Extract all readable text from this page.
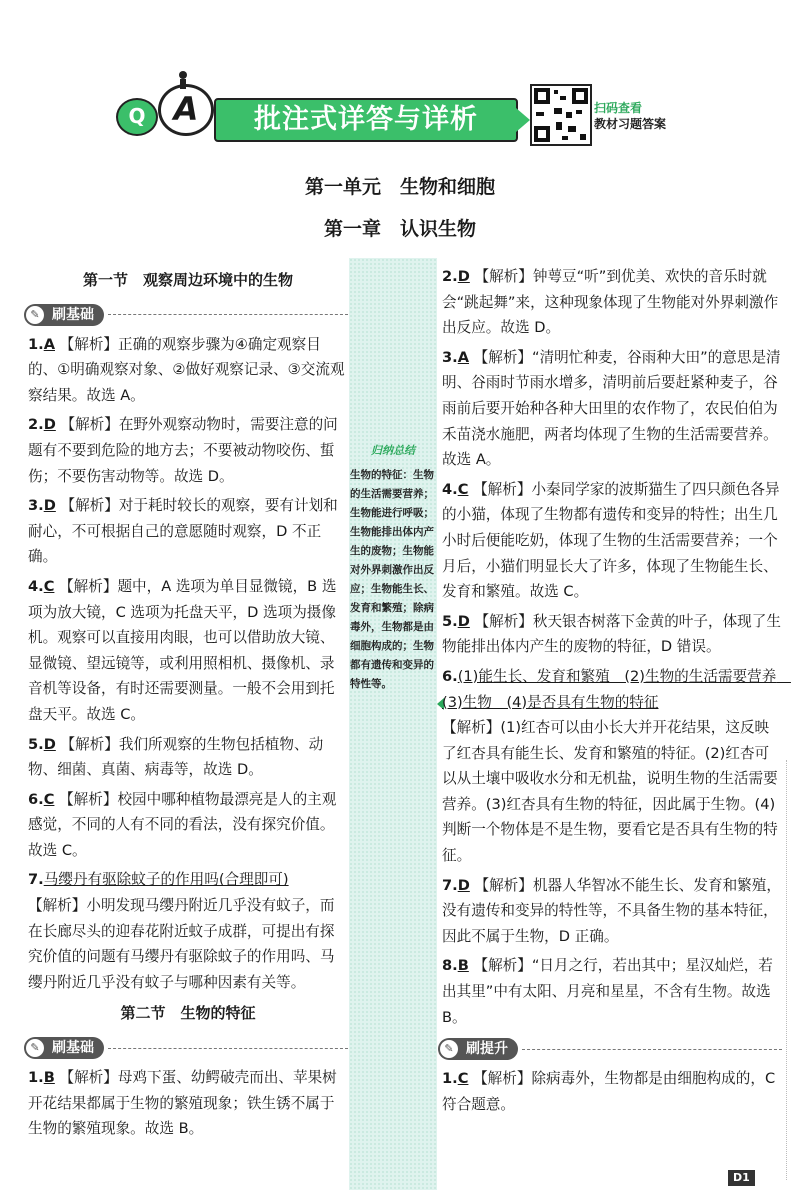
Q A	批注式详答与详析	扫码查看
教材习题答案
第一单元　生物和细胞
第一章　认识生物
归纳总结
生物的特征：生物的生活需要营养；生物能进行呼吸；生物能排出体内产生的废物；生物能对外界刺激作出反应；生物能生长、发育和繁殖；除病毒外，生物都是由细胞构成的；生物都有遗传和变异的特性等。
第一节　观察周边环境中的生物
✎ 刷基础
1.A 【解析】正确的观察步骤为④确定观察目的、①明确观察对象、②做好观察记录、③交流观察结果。故选 A。
2.D 【解析】在野外观察动物时，需要注意的问题有不要到危险的地方去；不要被动物咬伤、蜇伤；不要伤害动物等。故选 D。
3.D 【解析】对于耗时较长的观察，要有计划和耐心，不可根据自己的意愿随时观察，D 不正确。
4.C 【解析】题中，A 选项为单目显微镜，B 选项为放大镜，C 选项为托盘天平，D 选项为摄像机。观察可以直接用肉眼，也可以借助放大镜、显微镜、望远镜等，或利用照相机、摄像机、录音机等设备，有时还需要测量。一般不会用到托盘天平。故选 C。
5.D 【解析】我们所观察的生物包括植物、动物、细菌、真菌、病毒等，故选 D。
6.C 【解析】校园中哪种植物最漂亮是人的主观感觉，不同的人有不同的看法，没有探究价值。故选 C。
7.马缨丹有驱除蚊子的作用吗(合理即可)
【解析】小明发现马缨丹附近几乎没有蚊子，而在长廊尽头的迎春花附近蚊子成群，可提出有探究价值的问题有马缨丹有驱除蚊子的作用吗、马缨丹附近几乎没有蚊子与哪种因素有关等。
第二节　生物的特征
✎ 刷基础
1.B 【解析】母鸡下蛋、幼鳄破壳而出、苹果树开花结果都属于生物的繁殖现象；铁生锈不属于生物的繁殖现象。故选 B。
2.D 【解析】钟萼豆“听”到优美、欢快的音乐时就会“跳起舞”来，这种现象体现了生物能对外界刺激作出反应。故选 D。
3.A 【解析】“清明忙种麦，谷雨种大田”的意思是清明、谷雨时节雨水增多，清明前后要赶紧种麦子，谷雨前后要开始种各种大田里的农作物了，农民伯伯为禾苗浇水施肥，两者均体现了生物的生活需要营养。故选 A。
4.C 【解析】小秦同学家的波斯猫生了四只颜色各异的小猫，体现了生物都有遗传和变异的特性；出生几小时后便能吃奶，体现了生物的生活需要营养；一个月后，小猫们明显长大了许多，体现了生物能生长、发育和繁殖。故选 C。
5.D 【解析】秋天银杏树落下金黄的叶子，体现了生物能排出体内产生的废物的特征，D 错误。
6.(1)能生长、发育和繁殖　(2)生物的生活需要营养　(3)生物　(4)是否具有生物的特征
【解析】(1)红杏可以由小长大并开花结果，这反映了红杏具有能生长、发育和繁殖的特征。(2)红杏可以从土壤中吸收水分和无机盐，说明生物的生活需要营养。(3)红杏具有生物的特征，因此属于生物。(4)判断一个物体是不是生物，要看它是否具有生物的特征。
7.D 【解析】机器人华智冰不能生长、发育和繁殖，没有遗传和变异的特性等，不具备生物的基本特征，因此不属于生物，D 正确。
8.B 【解析】“日月之行，若出其中；星汉灿烂，若出其里”中有太阳、月亮和星星，不含有生物。故选 B。
✎ 刷提升
1.C 【解析】除病毒外，生物都是由细胞构成的，C 符合题意。
D1
